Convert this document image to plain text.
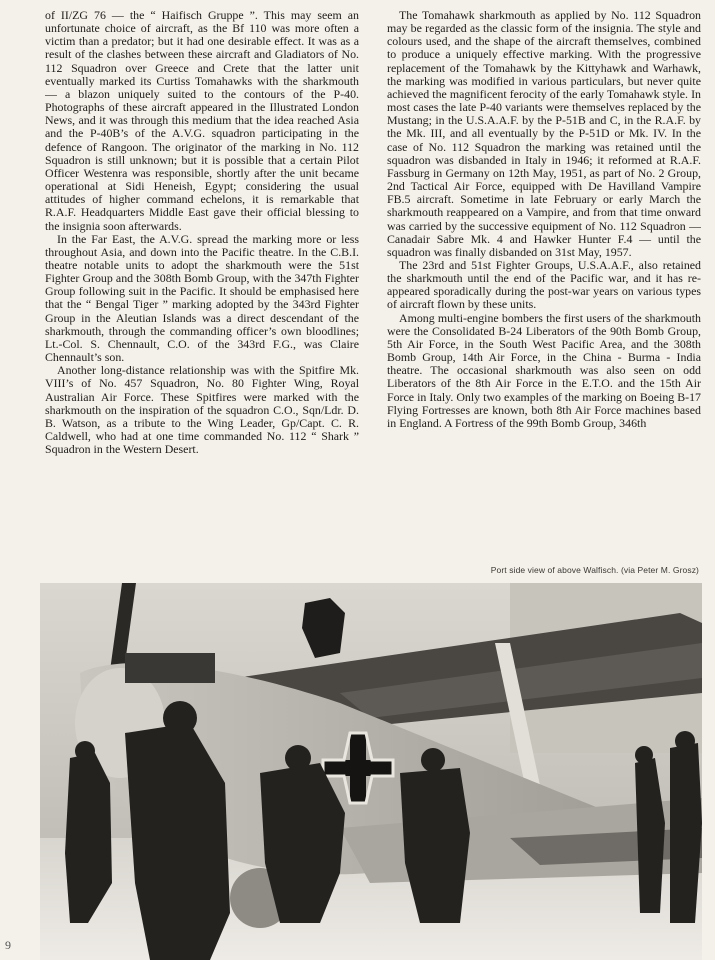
of II/ZG 76 — the “ Haifisch Gruppe ”. This may seem an unfortunate choice of aircraft, as the Bf 110 was more often a victim than a predator; but it had one desirable effect. It was as a result of the clashes between these aircraft and Gladiators of No. 112 Squadron over Greece and Crete that the latter unit eventually marked its Curtiss Tomahawks with the sharkmouth — a blazon uniquely suited to the contours of the P-40. Photographs of these aircraft appeared in the Illustrated London News, and it was through this medium that the idea reached Asia and the P-40B’s of the A.V.G. squadron participating in the defence of Rangoon. The originator of the marking in No. 112 Squadron is still unknown; but it is possible that a certain Pilot Officer Westenra was responsible, shortly after the unit became operational at Sidi Heneish, Egypt; considering the usual attitudes of higher command echelons, it is remarkable that R.A.F. Headquarters Middle East gave their official blessing to the insignia soon afterwards.

In the Far East, the A.V.G. spread the marking more or less throughout Asia, and down into the Pacific theatre. In the C.B.I. theatre notable units to adopt the sharkmouth were the 51st Fighter Group and the 308th Bomb Group, with the 347th Fighter Group following suit in the Pacific. It should be emphasised here that the “ Bengal Tiger ” marking adopted by the 343rd Fighter Group in the Aleutian Islands was a direct descendant of the sharkmouth, through the commanding officer’s own bloodlines; Lt.-Col. S. Chennault, C.O. of the 343rd F.G., was Claire Chennault’s son.

Another long-distance relationship was with the Spitfire Mk. VIII’s of No. 457 Squadron, No. 80 Fighter Wing, Royal Australian Air Force. These Spitfires were marked with the sharkmouth on the inspiration of the squadron C.O., Sqn/Ldr. D. B. Watson, as a tribute to the Wing Leader, Gp/Capt. C. R. Caldwell, who had at one time commanded No. 112 “ Shark ” Squadron in the Western Desert.

The Tomahawk sharkmouth as applied by No. 112 Squadron may be regarded as the classic form of the insignia. The style and colours used, and the shape of the aircraft themselves, combined to produce a uniquely effective marking. With the progressive replacement of the Tomahawk by the Kittyhawk and Warhawk, the marking was modified in various particulars, but never quite achieved the magnificent ferocity of the early Tomahawk style. In most cases the late P-40 variants were themselves replaced by the Mustang; in the U.S.A.A.F. by the P-51B and C, in the R.A.F. by the Mk. III, and all eventually by the P-51D or Mk. IV. In the case of No. 112 Squadron the marking was retained until the squadron was disbanded in Italy in 1946; it reformed at R.A.F. Fassburg in Germany on 12th May, 1951, as part of No. 2 Group, 2nd Tactical Air Force, equipped with De Havilland Vampire FB.5 aircraft. Sometime in late February or early March the sharkmouth reappeared on a Vampire, and from that time onward was carried by the successive equipment of No. 112 Squadron — Canadair Sabre Mk. 4 and Hawker Hunter F.4 — until the squadron was finally disbanded on 31st May, 1957.

The 23rd and 51st Fighter Groups, U.S.A.A.F., also retained the sharkmouth until the end of the Pacific war, and it has re-appeared sporadically during the post-war years on various types of aircraft flown by these units.

Among multi-engine bombers the first users of the sharkmouth were the Consolidated B-24 Liberators of the 90th Bomb Group, 5th Air Force, in the South West Pacific Area, and the 308th Bomb Group, 14th Air Force, in the China - Burma - India theatre. The occasional sharkmouth was also seen on odd Liberators of the 8th Air Force in the E.T.O. and the 15th Air Force in Italy. Only two examples of the marking on Boeing B-17 Flying Fortresses are known, both 8th Air Force machines based in England. A Fortress of the 99th Bomb Group, 346th

Port side view of above Walfisch. (via Peter M. Grosz)
9
